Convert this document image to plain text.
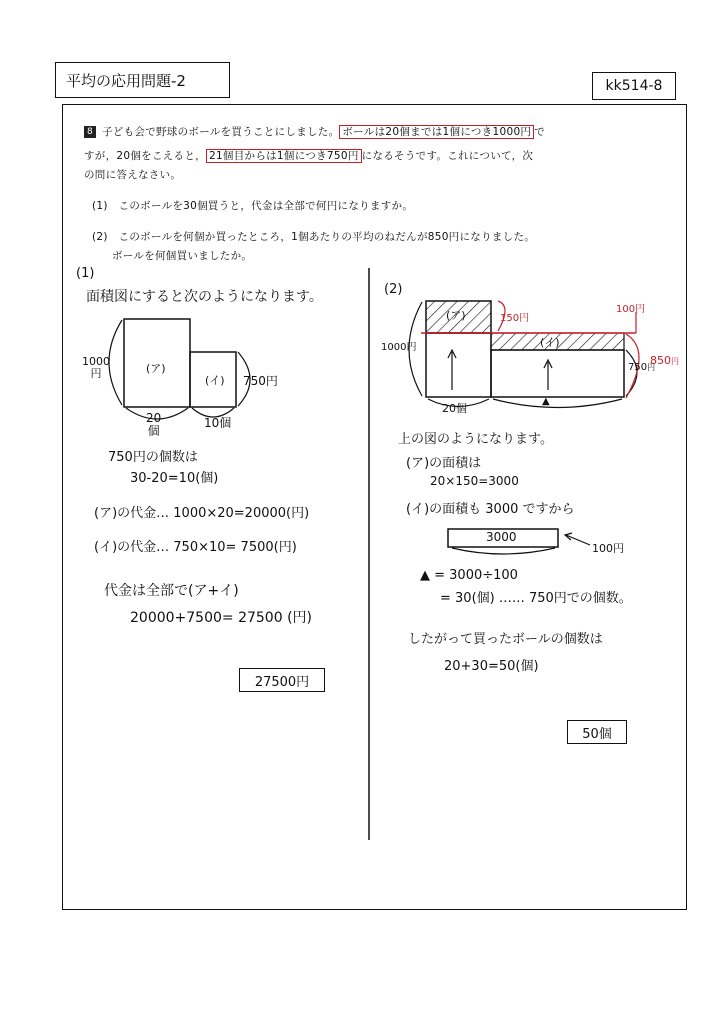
平均の応用問題-2	kk514-8
8 子ども会で野球のボールを買うことにしました。 ボールは20個までは1個につき1000円 で
すが，20個をこえると， 21個目からは1個につき750円 になるそうです。これについて，次
の問に答えなさい。
(1)　このボールを30個買うと，代金は全部で何円になりますか。
(2)　このボールを何個か買ったところ，1個あたりの平均のねだんが850円になりました。
ボールを何個買いましたか。
(1)
面積図にすると次のようになります。
1000
円	(ア)
(イ) 750円
20
個
10個
750円の個数は
30-20=10(個)
(ア)の代金… 1000×20=20000(円)
(イ)の代金… 750×10= 7500(円)
代金は全部で(ア+イ)
20000+7500= 27500 (円)
27500円
(2)
(ア)
(イ)
150円
100円
1000円
850円
750円
20個
▲
上の図のようになります。
(ア)の面積は
20×150=3000
(イ)の面積も 3000 ですから
3000
100円
▲ = 3000÷100
= 30(個) …… 750円での個数。
したがって買ったボールの個数は
20+30=50(個)
50個
